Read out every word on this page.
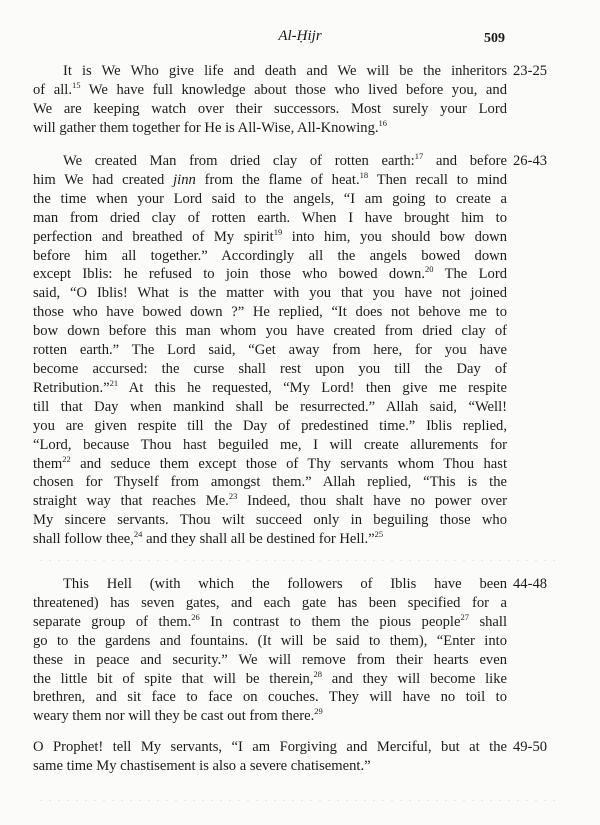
Al-Ḥijr	509
It is We Who give life and death and We will be the inheritors
of all.$^{15}$ We have full knowledge about those who lived before you, and
We are keeping watch over their successors. Most surely your Lord
will gather them together for He is All-Wise, All-Knowing.$^{16}$
23-25
We created Man from dried clay of rotten earth:$^{17}$ and before
him We had created jinn from the flame of heat.$^{18}$ Then recall to mind
the time when your Lord said to the angels, “I am going to create a
man from dried clay of rotten earth. When I have brought him to
perfection and breathed of My spirit$^{19}$ into him, you should bow down
before him all together.” Accordingly all the angels bowed down
except Iblis: he refused to join those who bowed down.$^{20}$ The Lord
said, “O Iblis! What is the matter with you that you have not joined
those who have bowed down ?” He replied, “It does not behove me to
bow down before this man whom you have created from dried clay of
rotten earth.” The Lord said, “Get away from here, for you have
become accursed: the curse shall rest upon you till the Day of
Retribution.”$^{21}$ At this he requested, “My Lord! then give me respite
till that Day when mankind shall be resurrected.” Allah said, “Well!
you are given respite till the Day of predestined time.” Iblis replied,
“Lord, because Thou hast beguiled me, I will create allurements for
them$^{22}$ and seduce them except those of Thy servants whom Thou hast
chosen for Thyself from amongst them.” Allah replied, “This is the
straight way that reaches Me.$^{23}$ Indeed, thou shalt have no power over
My sincere servants. Thou wilt succeed only in beguiling those who
shall follow thee,$^{24}$ and they shall all be destined for Hell.”$^{25}$
26-43
This Hell (with which the followers of Iblis have been
threatened) has seven gates, and each gate has been specified for a
separate group of them.$^{26}$ In contrast to them the pious people$^{27}$ shall
go to the gardens and fountains. (It will be said to them), “Enter into
these in peace and security.” We will remove from their hearts even
the little bit of spite that will be therein,$^{28}$ and they will become like
brethren, and sit face to face on couches. They will have no toil to
weary them nor will they be cast out from there.$^{29}$
44-48
O Prophet! tell My servants, “I am Forgiving and Merciful, but at the
same time My chastisement is also a severe chatisement.”
49-50
